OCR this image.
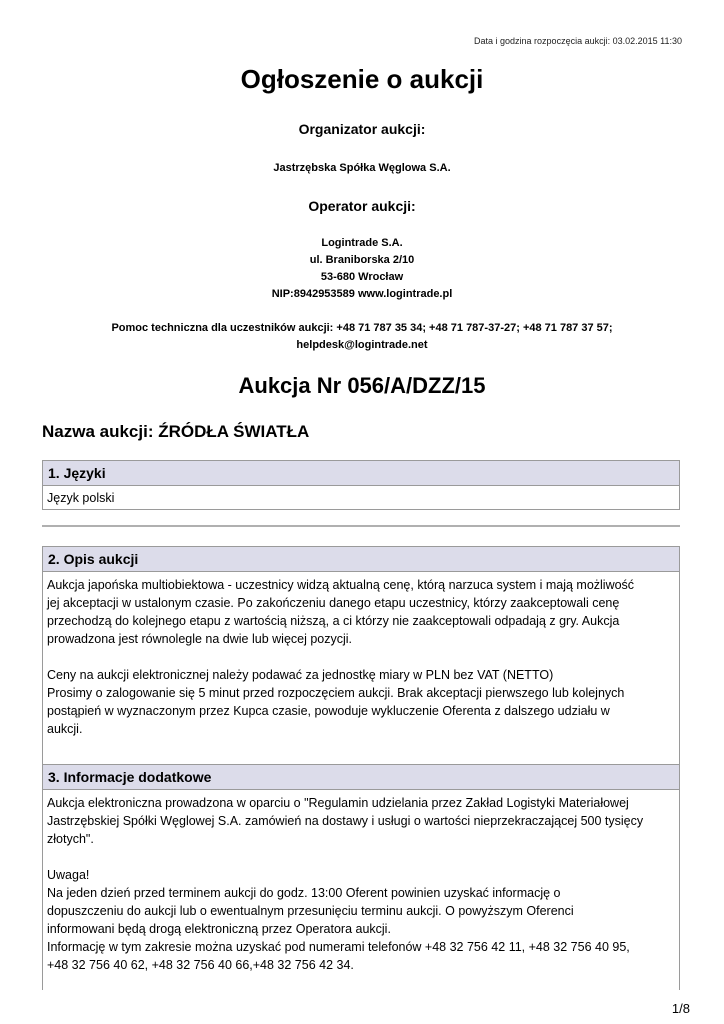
Data i godzina rozpoczęcia aukcji: 03.02.2015 11:30
Ogłoszenie o aukcji
Organizator aukcji:
Jastrzębska Spółka Węglowa S.A.
Operator aukcji:
Logintrade S.A.
ul. Braniborska 2/10
53-680 Wrocław
NIP:8942953589 www.logintrade.pl
Pomoc techniczna dla uczestników aukcji: +48 71 787 35 34; +48 71 787-37-27; +48 71 787 37 57;
helpdesk@logintrade.net
Aukcja Nr 056/A/DZZ/15
Nazwa aukcji: ŹRÓDŁA ŚWIATŁA
1. Języki
Język polski
2. Opis aukcji

Aukcja japońska multiobiektowa - uczestnicy widzą aktualną cenę, którą narzuca system i mają możliwość

jej akceptacji w ustalonym czasie. Po zakończeniu danego etapu uczestnicy, którzy zaakceptowali cenę

przechodzą do kolejnego etapu z wartością niższą, a ci którzy nie zaakceptowali odpadają z gry. Aukcja

prowadzona jest równolegle na dwie lub więcej pozycji.

Ceny na aukcji elektronicznej należy podawać za jednostkę miary w PLN bez VAT (NETTO)

Prosimy o zalogowanie się 5 minut przed rozpoczęciem aukcji. Brak akceptacji pierwszego lub kolejnych

postąpień w wyznaczonym przez Kupca czasie, powoduje wykluczenie Oferenta z dalszego udziału w

aukcji.

3. Informacje dodatkowe

Aukcja elektroniczna prowadzona w oparciu o "Regulamin udzielania przez Zakład Logistyki Materiałowej

Jastrzębskiej Spółki Węglowej S.A. zamówień na dostawy i usługi o wartości nieprzekraczającej 500 tysięcy

złotych".

Uwaga!

Na jeden dzień przed terminem aukcji do godz. 13:00 Oferent powinien uzyskać informację o

dopuszczeniu do aukcji lub o ewentualnym przesunięciu terminu aukcji. O powyższym Oferenci

informowani będą drogą elektroniczną przez Operatora aukcji.

Informację w tym zakresie można uzyskać pod numerami telefonów +48 32 756 42 11, +48 32 756 40 95,

+48 32 756 40 62, +48 32 756 40 66,+48 32 756 42 34.

1/8
